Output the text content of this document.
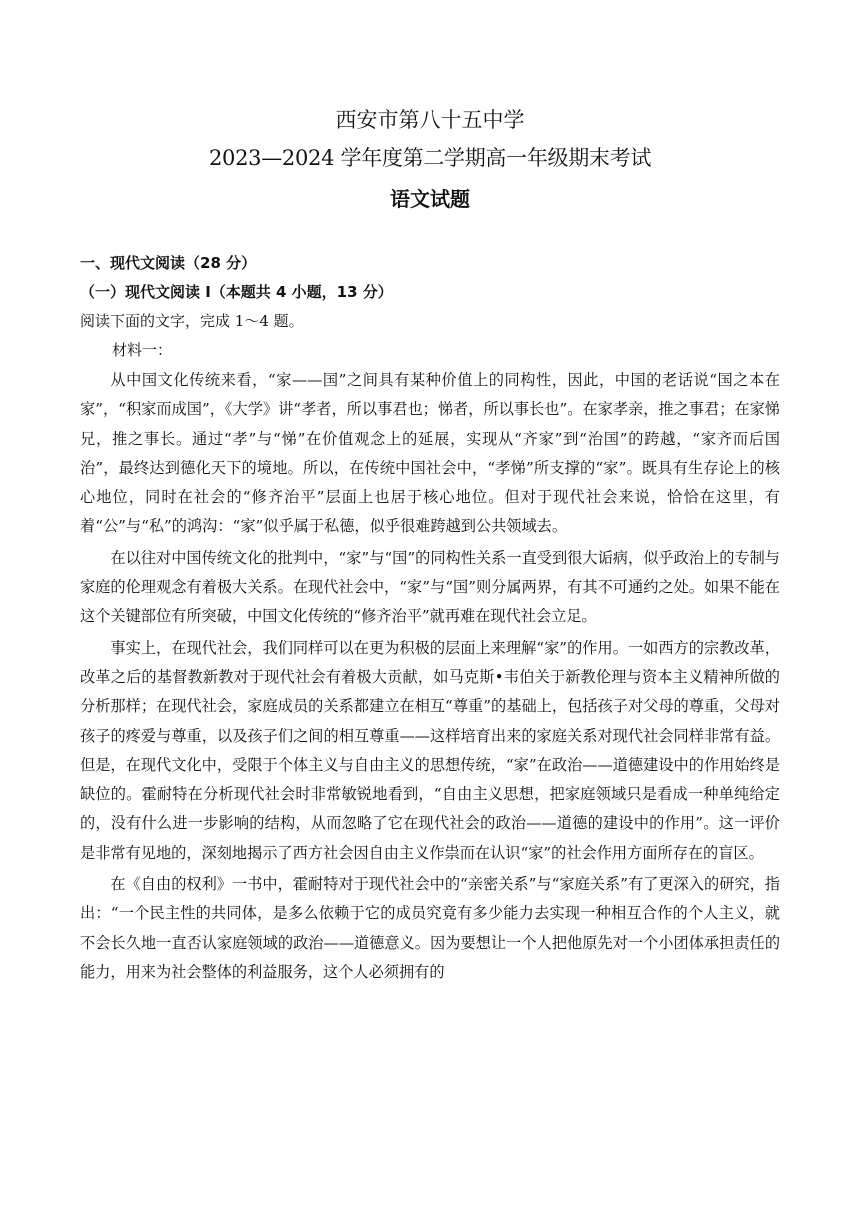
西安市第八十五中学
2023—2024 学年度第二学期高一年级期末考试
语文试题
一、现代文阅读（28 分）
（一）现代文阅读 I（本题共 4 小题，13 分）
阅读下面的文字，完成 1～4 题。
材料一：

从中国文化传统来看，“家——国”之间具有某种价值上的同构性，因此，中国的老话说“国之本在家”，“积家而成国”，《大学》讲“孝者，所以事君也；悌者，所以事长也”。在家孝亲，推之事君；在家悌兄，推之事长。通过“孝”与“悌”在价值观念上的延展，实现从“齐家”到“治国”的跨越，“家齐而后国治”，最终达到德化天下的境地。所以，在传统中国社会中，“孝悌”所支撑的“家”。既具有生存论上的核心地位，同时在社会的“修齐治平”层面上也居于核心地位。但对于现代社会来说，恰恰在这里，有着“公”与“私”的鸿沟：“家”似乎属于私德，似乎很难跨越到公共领域去。

在以往对中国传统文化的批判中，“家”与“国”的同构性关系一直受到很大诟病，似乎政治上的专制与家庭的伦理观念有着极大关系。在现代社会中，“家”与“国”则分属两界，有其不可通约之处。如果不能在这个关键部位有所突破，中国文化传统的“修齐治平”就再难在现代社会立足。

事实上，在现代社会，我们同样可以在更为积极的层面上来理解“家”的作用。一如西方的宗教改革，改革之后的基督教新教对于现代社会有着极大贡献，如马克斯•韦伯关于新教伦理与资本主义精神所做的分析那样；在现代社会，家庭成员的关系都建立在相互“尊重”的基础上，包括孩子对父母的尊重，父母对孩子的疼爱与尊重，以及孩子们之间的相互尊重——这样培育出来的家庭关系对现代社会同样非常有益。但是，在现代文化中，受限于个体主义与自由主义的思想传统，“家”在政治——道德建设中的作用始终是缺位的。霍耐特在分析现代社会时非常敏锐地看到，“自由主义思想，把家庭领域只是看成一种单纯给定的，没有什么进一步影响的结构，从而忽略了它在现代社会的政治——道德的建设中的作用”。这一评价是非常有见地的，深刻地揭示了西方社会因自由主义作祟而在认识“家”的社会作用方面所存在的盲区。

在《自由的权利》一书中，霍耐特对于现代社会中的“亲密关系”与“家庭关系”有了更深入的研究，指出：“一个民主性的共同体，是多么依赖于它的成员究竟有多少能力去实现一种相互合作的个人主义，就不会长久地一直否认家庭领域的政治——道德意义。因为要想让一个人把他原先对一个小团体承担责任的能力，用来为社会整体的利益服务，这个人必须拥有的
